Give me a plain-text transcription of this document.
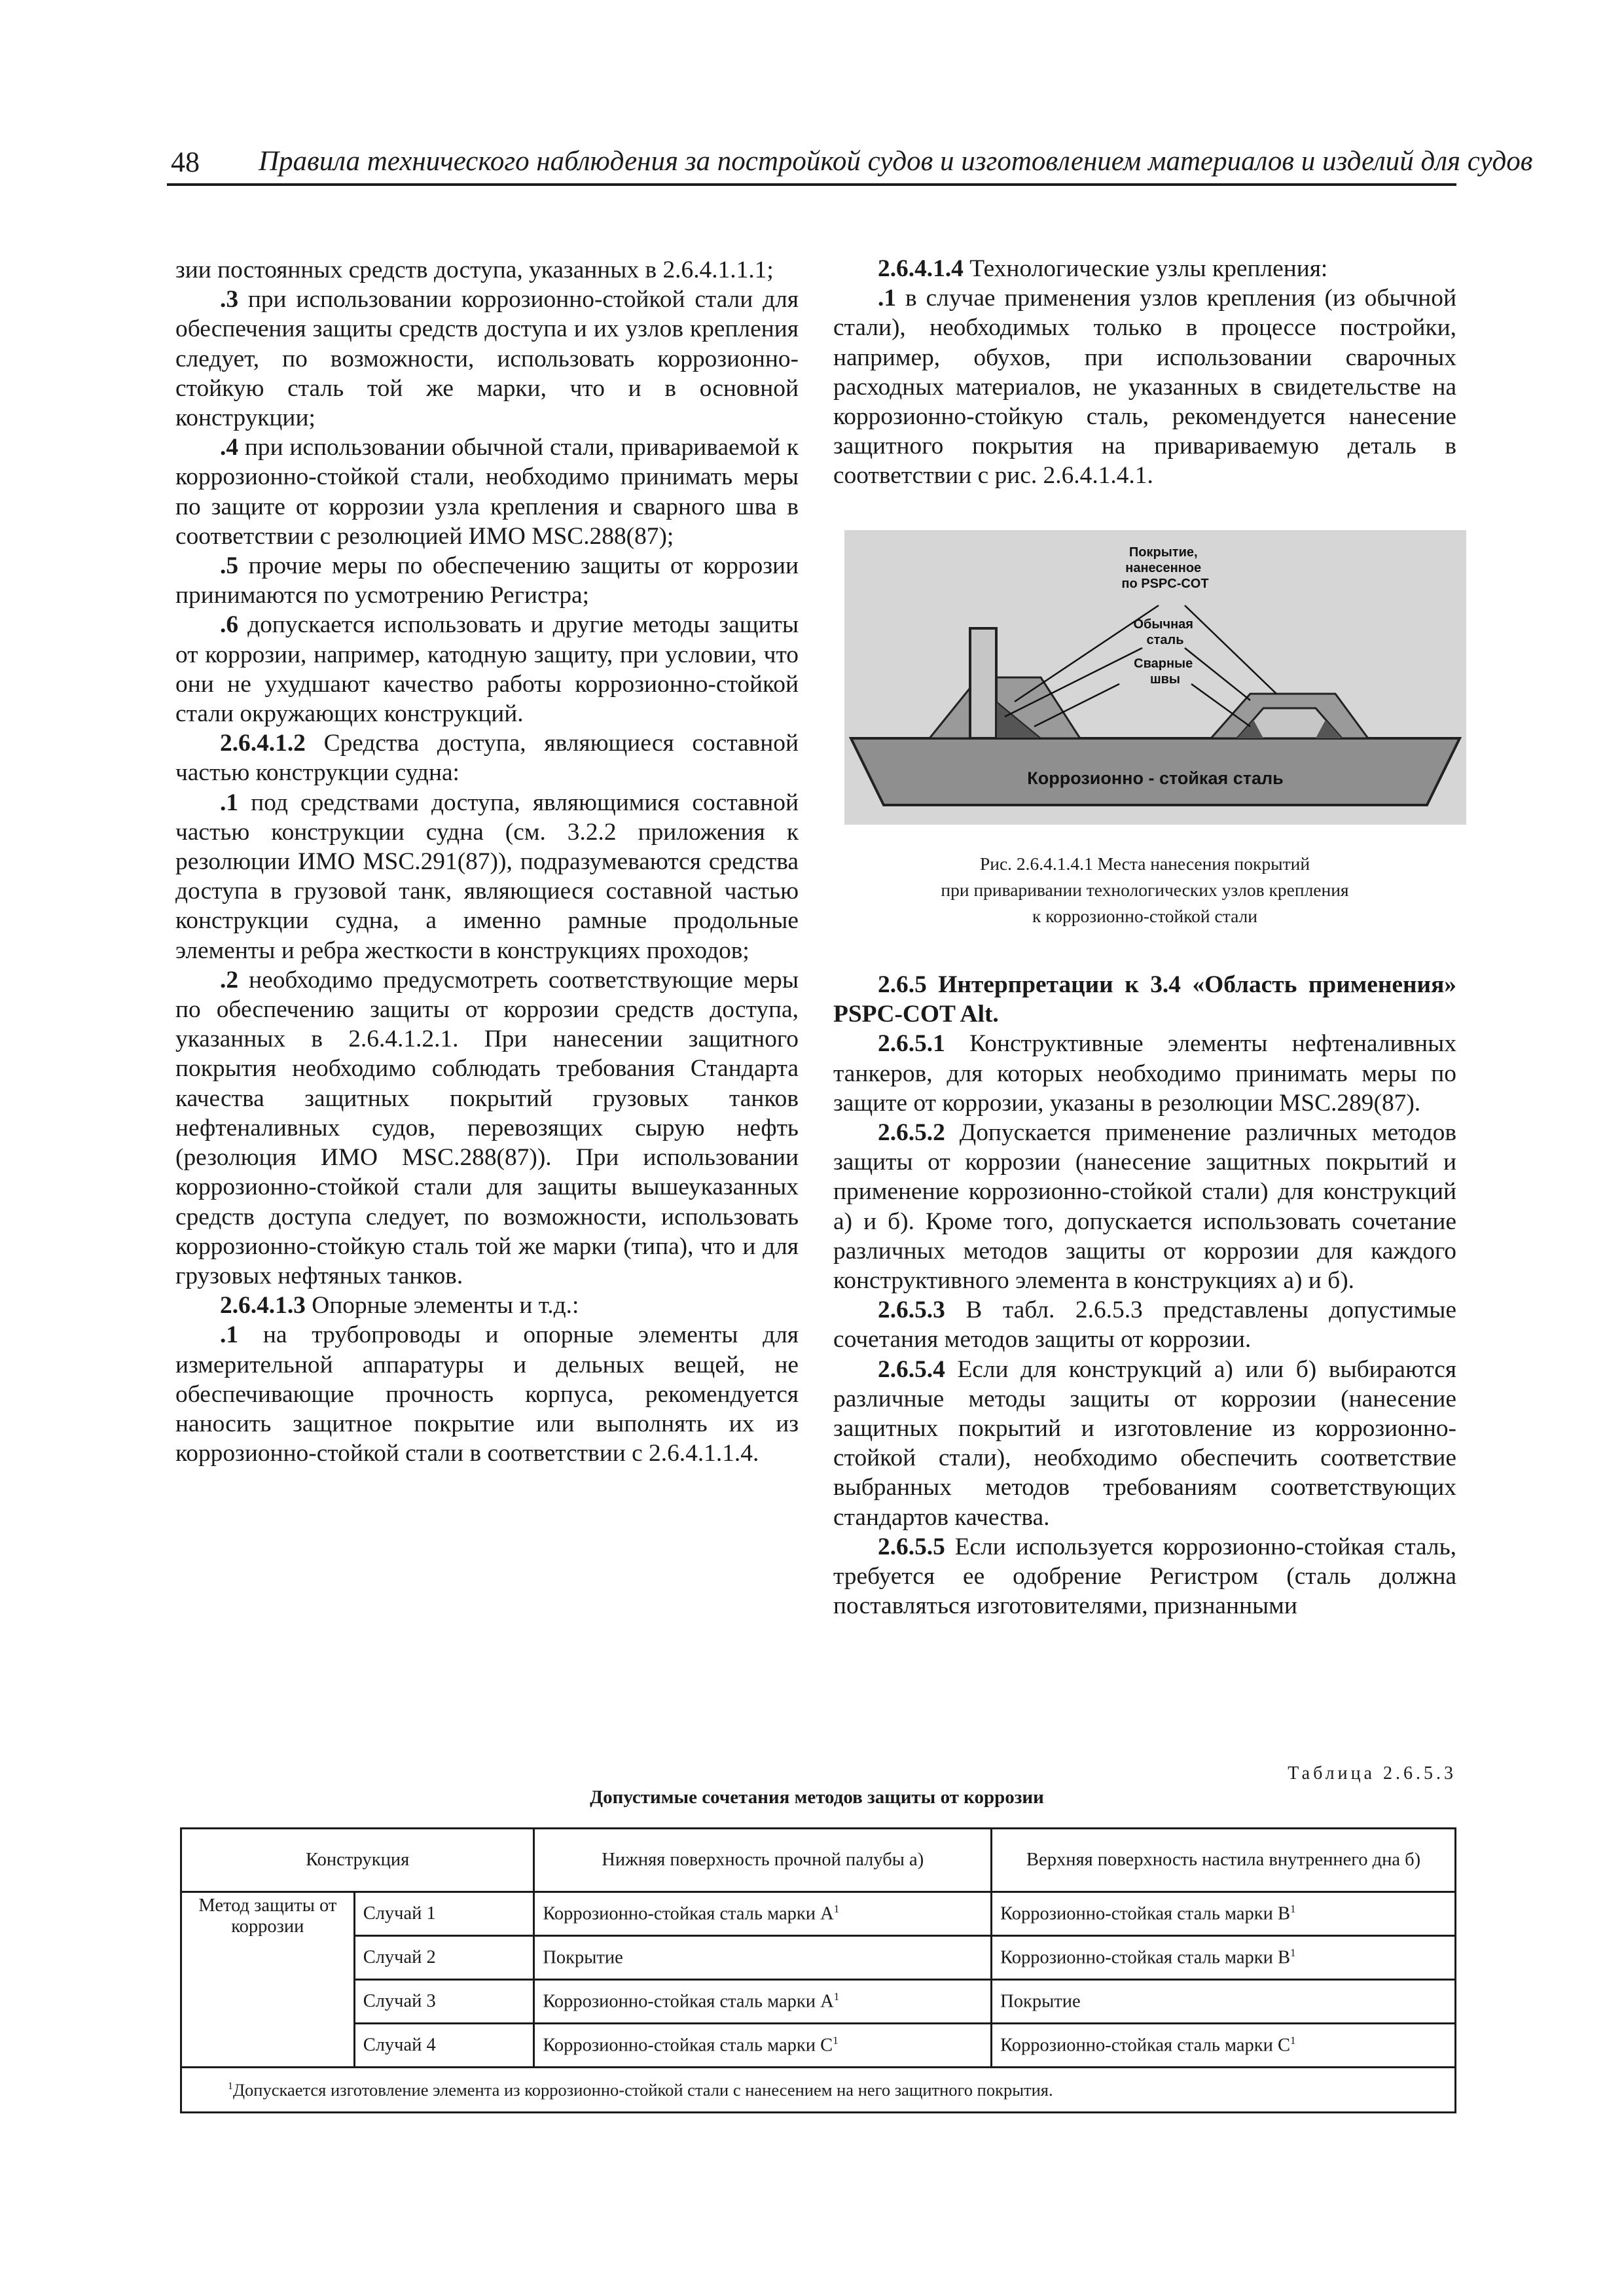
48 Правила технического наблюдения за постройкой судов и изготовлением материалов и изделий для судов

зии постоянных средств доступа, указанных в 2.6.4.1.1.1;

.3 при использовании коррозионно-стойкой стали для обеспечения защиты средств доступа и их узлов крепления следует, по возможности, использовать коррозионно-стойкую сталь той же марки, что и в основной конструкции;

.4 при использовании обычной стали, привариваемой к коррозионно-стойкой стали, необходимо принимать меры по защите от коррозии узла крепления и сварного шва в соответствии с резолюцией ИМО MSC.288(87);

.5 прочие меры по обеспечению защиты от коррозии принимаются по усмотрению Регистра;

.6 допускается использовать и другие методы защиты от коррозии, например, катодную защиту, при условии, что они не ухудшают качество работы коррозионно-стойкой стали окружающих конструкций.

2.6.4.1.2 Средства доступа, являющиеся составной частью конструкции судна:

.1 под средствами доступа, являющимися составной частью конструкции судна (см. 3.2.2 приложения к резолюции ИМО MSC.291(87)), подразумеваются средства доступа в грузовой танк, являющиеся составной частью конструкции судна, а именно рамные продольные элементы и ребра жесткости в конструкциях проходов;

.2 необходимо предусмотреть соответствующие меры по обеспечению защиты от коррозии средств доступа, указанных в 2.6.4.1.2.1. При нанесении защитного покрытия необходимо соблюдать требования Стандарта качества защитных покрытий грузовых танков нефтеналивных судов, перевозящих сырую нефть (резолюция ИМО MSC.288(87)). При использовании коррозионно-стойкой стали для защиты вышеуказанных средств доступа следует, по возможности, использовать коррозионно-стойкую сталь той же марки (типа), что и для грузовых нефтяных танков.

2.6.4.1.3 Опорные элементы и т.д.:

.1 на трубопроводы и опорные элементы для измерительной аппаратуры и дельных вещей, не обеспечивающие прочность корпуса, рекомендуется наносить защитное покрытие или выполнять их из коррозионно-стойкой стали в соответствии с 2.6.4.1.1.4.

2.6.4.1.4 Технологические узлы крепления:

.1 в случае применения узлов крепления (из обычной стали), необходимых только в процессе постройки, например, обухов, при использовании сварочных расходных материалов, не указанных в свидетельстве на коррозионно-стойкую сталь, рекомендуется нанесение защитного покрытия на привариваемую деталь в соответствии с рис. 2.6.4.1.4.1.

Коррозионно - стойкая сталь
Покрытие, нанесенное по PSPC-COT
Обычная сталь
Сварные швы
Рис. 2.6.4.1.4.1 Места нанесения покрытий
при приваривании технологических узлов крепления
к коррозионно-стойкой стали

2.6.5 Интерпретации к 3.4 «Область применения» PSPC-COT Alt.

2.6.5.1 Конструктивные элементы нефтеналивных танкеров, для которых необходимо принимать меры по защите от коррозии, указаны в резолюции MSC.289(87).

2.6.5.2 Допускается применение различных методов защиты от коррозии (нанесение защитных покрытий и применение коррозионно-стойкой стали) для конструкций а) и б). Кроме того, допускается использовать сочетание различных методов защиты от коррозии для каждого конструктивного элемента в конструкциях а) и б).

2.6.5.3 В табл. 2.6.5.3 представлены допустимые сочетания методов защиты от коррозии.

2.6.5.4 Если для конструкций а) или б) выбираются различные методы защиты от коррозии (нанесение защитных покрытий и изготовление из коррозионно-стойкой стали), необходимо обеспечить соответствие выбранных методов требованиям соответствующих стандартов качества.

2.6.5.5 Если используется коррозионно-стойкая сталь, требуется ее одобрение Регистром (сталь должна поставляться изготовителями, признанными

Таблица 2.6.5.3
Допустимые сочетания методов защиты от коррозии
Конструкция		Нижняя поверхность прочной палубы а)	Верхняя поверхность настила внутреннего дна б)
Метод защиты от коррозии	Случай 1	Коррозионно-стойкая сталь марки $А^1$	Коррозионно-стойкая сталь марки $В^1$
	Случай 2	Покрытие	Коррозионно-стойкая сталь марки $В^1$
	Случай 3	Коррозионно-стойкая сталь марки $А^1$	Покрытие
	Случай 4	Коррозионно-стойкая сталь марки $С^1$	Коррозионно-стойкая сталь марки $С^1$
$^1$Допускается изготовление элемента из коррозионно-стойкой стали с нанесением на него защитного покрытия.			
